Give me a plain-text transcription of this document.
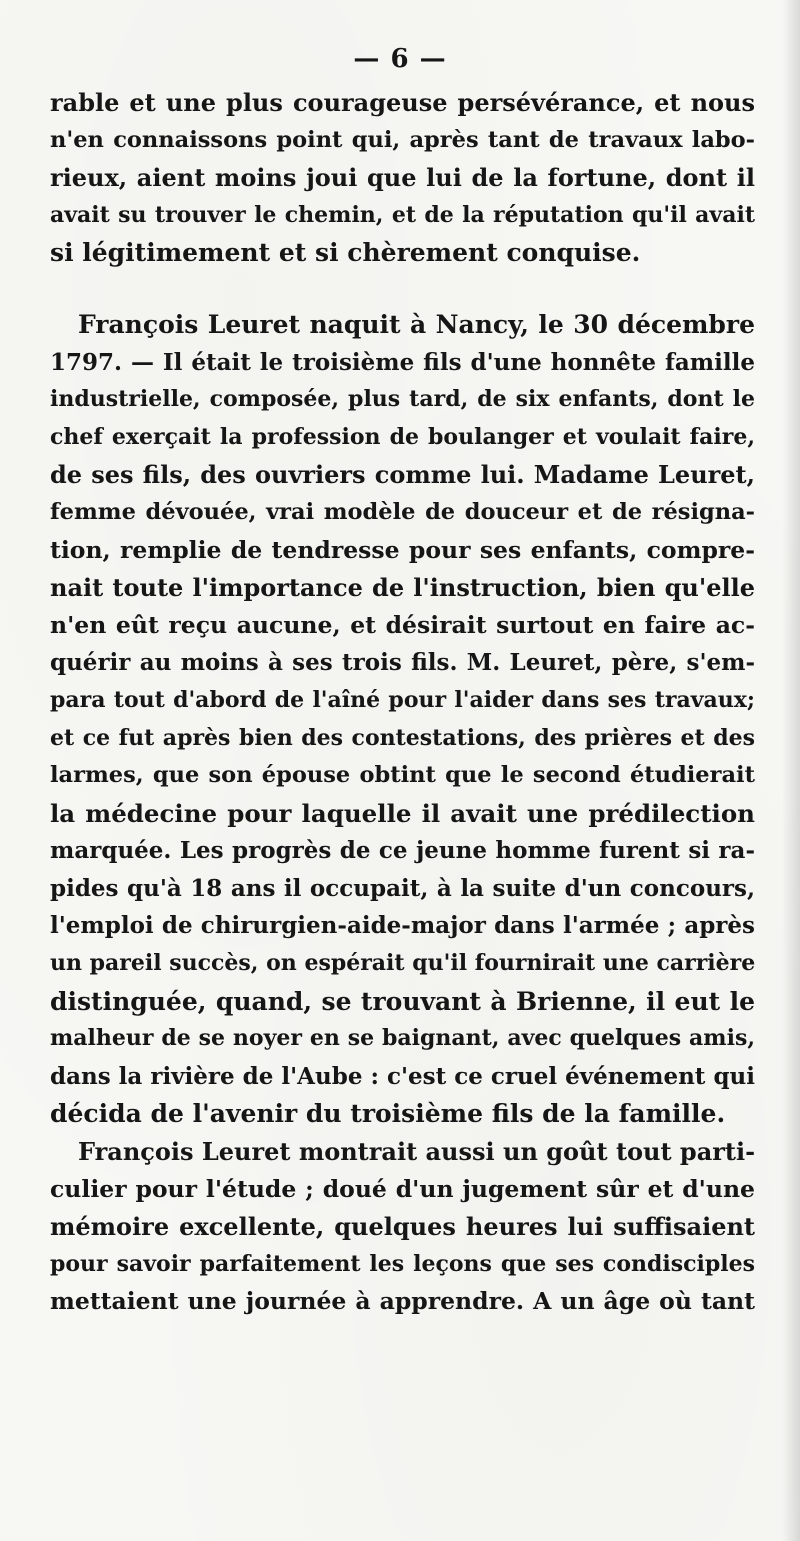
— 6 —
rable et une plus courageuse persévérance, et nous
n'en connaissons point qui, après tant de travaux labo-
rieux, aient moins joui que lui de la fortune, dont il
avait su trouver le chemin, et de la réputation qu'il avait
si légitimement et si chèrement conquise.
François Leuret naquit à Nancy, le 30 décembre
1797. — Il était le troisième fils d'une honnête famille
industrielle, composée, plus tard, de six enfants, dont le
chef exerçait la profession de boulanger et voulait faire,
de ses fils, des ouvriers comme lui. Madame Leuret,
femme dévouée, vrai modèle de douceur et de résigna-
tion, remplie de tendresse pour ses enfants, compre-
nait toute l'importance de l'instruction, bien qu'elle
n'en eût reçu aucune, et désirait surtout en faire ac-
quérir au moins à ses trois fils. M. Leuret, père, s'em-
para tout d'abord de l'aîné pour l'aider dans ses travaux;
et ce fut après bien des contestations, des prières et des
larmes, que son épouse obtint que le second étudierait
la médecine pour laquelle il avait une prédilection
marquée. Les progrès de ce jeune homme furent si ra-
pides qu'à 18 ans il occupait, à la suite d'un concours,
l'emploi de chirurgien-aide-major dans l'armée ; après
un pareil succès, on espérait qu'il fournirait une carrière
distinguée, quand, se trouvant à Brienne, il eut le
malheur de se noyer en se baignant, avec quelques amis,
dans la rivière de l'Aube : c'est ce cruel événement qui
décida de l'avenir du troisième fils de la famille.
François Leuret montrait aussi un goût tout parti-
culier pour l'étude ; doué d'un jugement sûr et d'une
mémoire excellente, quelques heures lui suffisaient
pour savoir parfaitement les leçons que ses condisciples
mettaient une journée à apprendre. A un âge où tant
